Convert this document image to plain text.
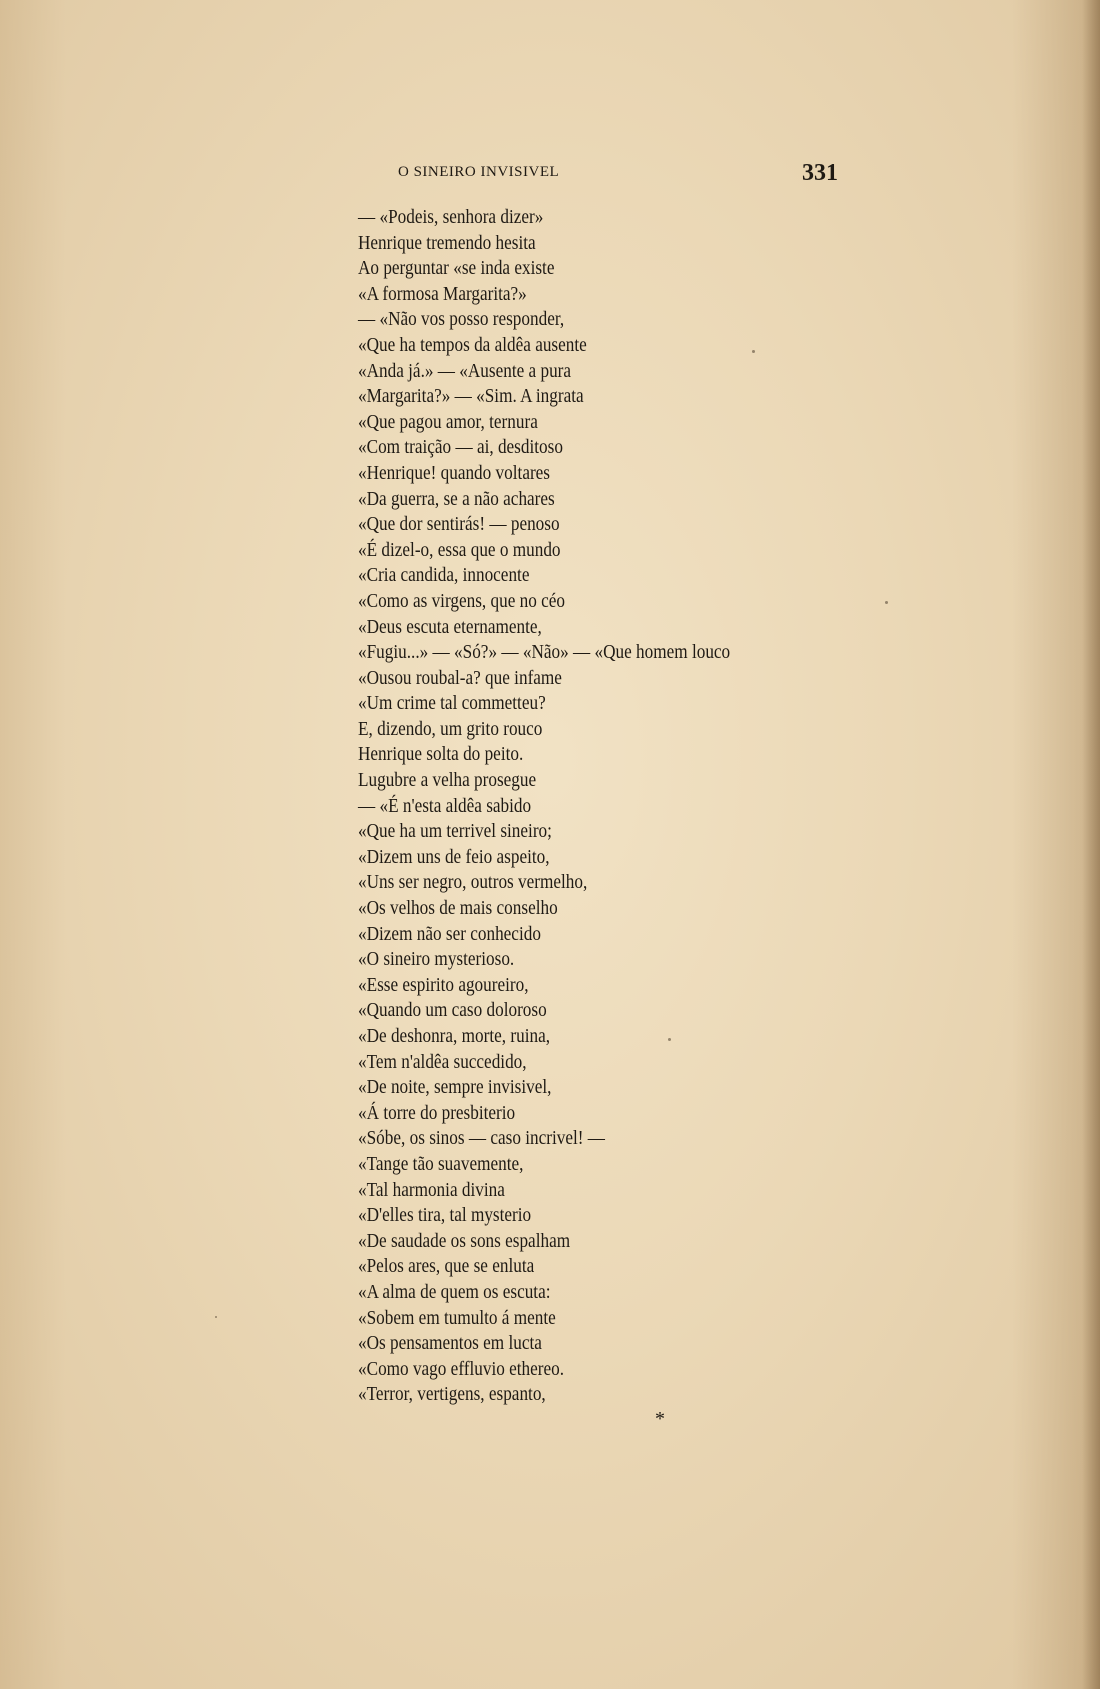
O SINEIRO INVISIVEL	331
— «Podeis, senhora dizer»
Henrique tremendo hesita
Ao perguntar «se inda existe
«A formosa Margarita?»
— «Não vos posso responder,
«Que ha tempos da aldêa ausente
«Anda já.» — «Ausente a pura
«Margarita?» — «Sim. A ingrata
«Que pagou amor, ternura
«Com traição — ai, desditoso
«Henrique! quando voltares
«Da guerra, se a não achares
«Que dor sentirás! — penoso
«É dizel-o, essa que o mundo
«Cria candida, innocente
«Como as virgens, que no céo
«Deus escuta eternamente,
«Fugiu...» — «Só?» — «Não» — «Que homem louco
«Ousou roubal-a? que infame
«Um crime tal commetteu?
E, dizendo, um grito rouco
Henrique solta do peito.
Lugubre a velha prosegue
— «É n'esta aldêa sabido
«Que ha um terrivel sineiro;
«Dizem uns de feio aspeito,
«Uns ser negro, outros vermelho,
«Os velhos de mais conselho
«Dizem não ser conhecido
«O sineiro mysterioso.
«Esse espirito agoureiro,
«Quando um caso doloroso
«De deshonra, morte, ruina,
«Tem n'aldêa succedido,
«De noite, sempre invisivel,
«Á torre do presbiterio
«Sóbe, os sinos — caso incrivel! —
«Tange tão suavemente,
«Tal harmonia divina
«D'elles tira, tal mysterio
«De saudade os sons espalham
«Pelos ares, que se enluta
«A alma de quem os escuta:
«Sobem em tumulto á mente
«Os pensamentos em lucta
«Como vago effluvio ethereo.
«Terror, vertigens, espanto,
*
